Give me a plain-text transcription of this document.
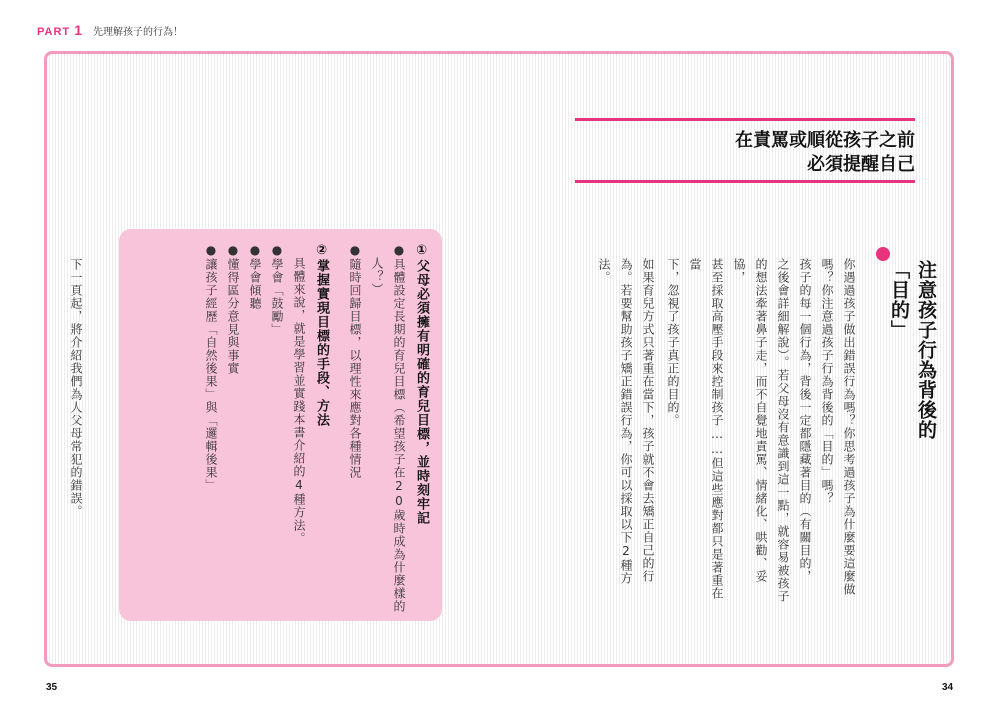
PART 1 先理解孩子的行為！
在責罵或順從孩子之前
必須提醒自己
注意孩子行為背後的「目的」
你遇過孩子做出錯誤行為嗎？你思考過孩子為什麼要這麼做
嗎？你注意過孩子行為背後的「目的」嗎？
孩子的每一個行為，背後一定都隱藏著目的（有關目的，
之後會詳細解說）。若父母沒有意識到這一點，就容易被孩子
的想法牽著鼻子走，而不自覺地責罵、情緒化、哄勸、妥協，
甚至採取高壓手段來控制孩子……但這些應對都只是著重在當
下，忽視了孩子真正的目的。
如果育兒方式只著重在當下，孩子就不會去矯正自己的行
為。若要幫助孩子矯正錯誤行為，你可以採取以下2種方法。
①父母必須擁有明確的育兒目標，並時刻牢記
●具體設定長期的育兒目標（希望孩子在20歲時成為什麼樣的
人？）
●隨時回歸目標，以理性來應對各種情況
②掌握實現目標的手段、方法
具體來說，就是學習並實踐本書介紹的4種方法。
●學會「鼓勵」
●學會傾聽
●懂得區分意見與事實
●讓孩子經歷「自然後果」與「邏輯後果」
下一頁起，將介紹我們為人父母常犯的錯誤。
35	34
